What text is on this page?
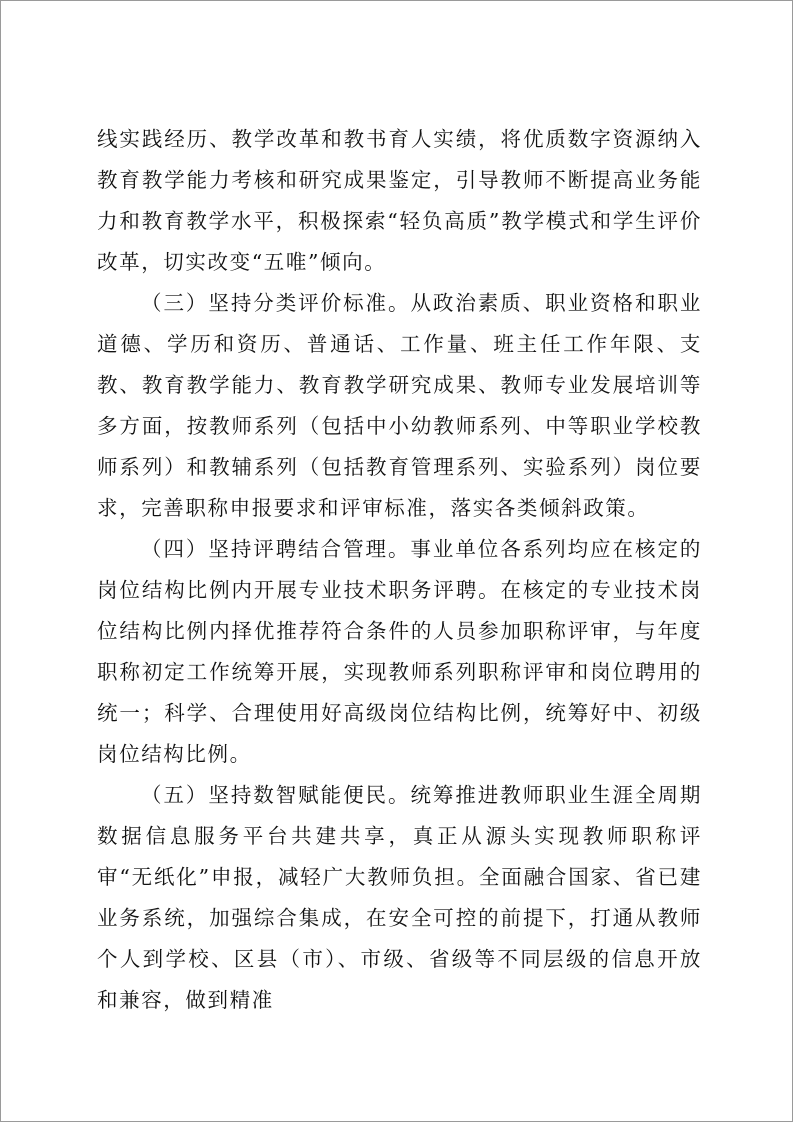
线实践经历、教学改革和教书育人实绩，将优质数字资源纳入教育教学能力考核和研究成果鉴定，引导教师不断提高业务能力和教育教学水平，积极探索“轻负高质”教学模式和学生评价改革，切实改变“五唯”倾向。

（三）坚持分类评价标准。从政治素质、职业资格和职业道德、学历和资历、普通话、工作量、班主任工作年限、支教、教育教学能力、教育教学研究成果、教师专业发展培训等多方面，按教师系列（包括中小幼教师系列、中等职业学校教师系列）和教辅系列（包括教育管理系列、实验系列）岗位要求，完善职称申报要求和评审标准，落实各类倾斜政策。

（四）坚持评聘结合管理。事业单位各系列均应在核定的岗位结构比例内开展专业技术职务评聘。在核定的专业技术岗位结构比例内择优推荐符合条件的人员参加职称评审，与年度职称初定工作统筹开展，实现教师系列职称评审和岗位聘用的统一；科学、合理使用好高级岗位结构比例，统筹好中、初级岗位结构比例。

（五）坚持数智赋能便民。统筹推进教师职业生涯全周期数据信息服务平台共建共享，真正从源头实现教师职称评审“无纸化”申报，减轻广大教师负担。全面融合国家、省已建业务系统，加强综合集成，在安全可控的前提下，打通从教师个人到学校、区县（市）、市级、省级等不同层级的信息开放和兼容，做到精准
